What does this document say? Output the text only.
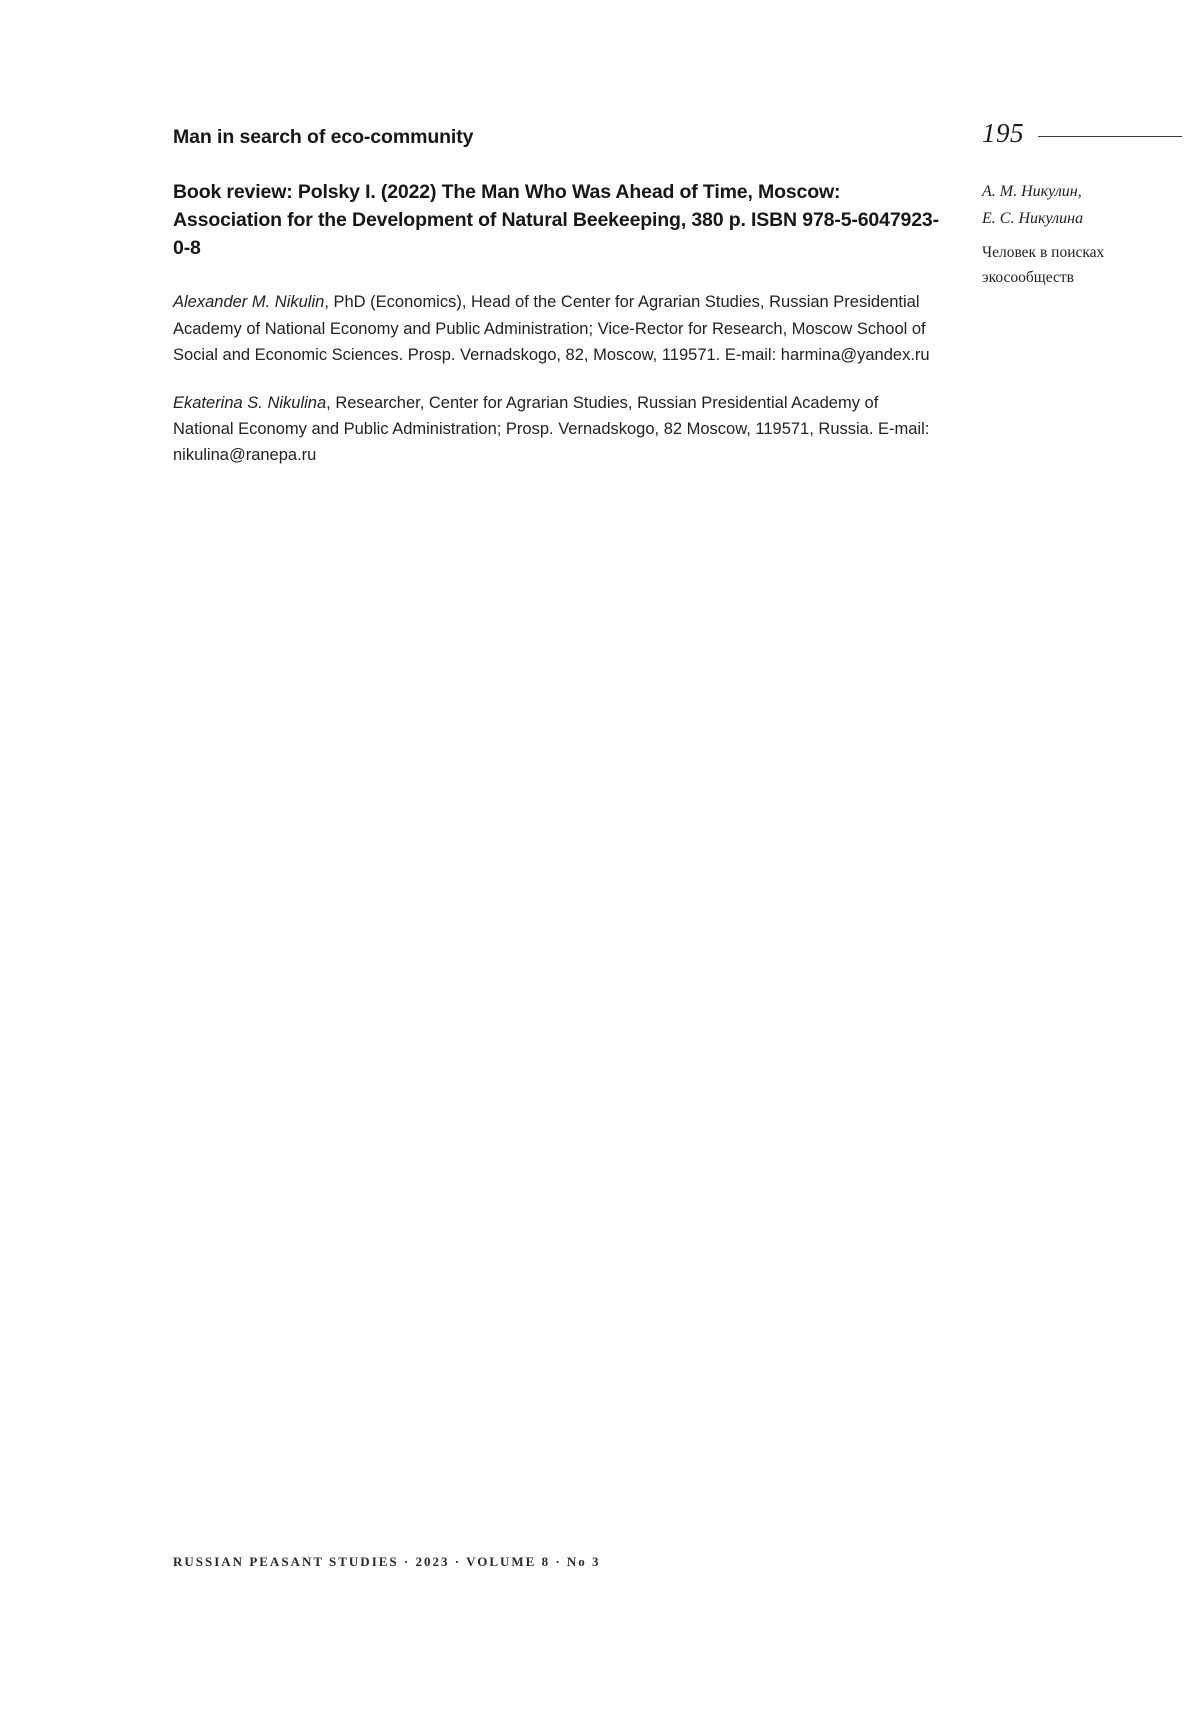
Man in search of eco-community
Book review: Polsky I. (2022) The Man Who Was Ahead of Time, Moscow: Association for the Development of Natural Beekeeping, 380 p. ISBN 978-5-6047923-0-8

Alexander M. Nikulin, PhD (Economics), Head of the Center for Agrarian Studies, Russian Presidential Academy of National Economy and Public Administration; Vice-Rector for Research, Moscow School of Social and Economic Sciences. Prosp. Vernadskogo, 82, Moscow, 119571. E-mail: harmina@yandex.ru

Ekaterina S. Nikulina, Researcher, Center for Agrarian Studies, Russian Presidential Academy of National Economy and Public Administration; Prosp. Vernadskogo, 82 Moscow, 119571, Russia. E-mail: nikulina@ranepa.ru

195
А. М. Никулин,
Е. С. Никулина
Человек в поисках
экосообществ
RUSSIAN PEASANT STUDIES · 2023 · VOLUME 8 · No 3
